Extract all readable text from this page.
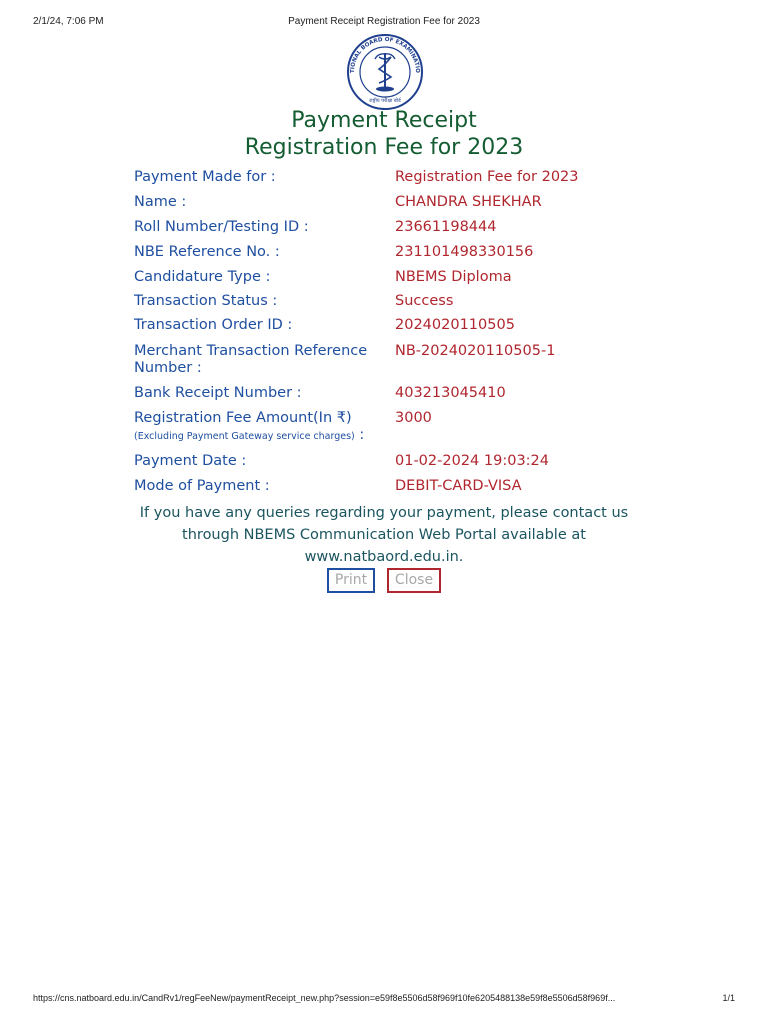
2/1/24, 7:06 PM	Payment Receipt Registration Fee for 2023
TIONAL BOARD OF EXAMINATIO
राष्ट्रीय परीक्षा बोर्ड
Payment Receipt
Registration Fee for 2023
Payment Made for :	Registration Fee for 2023
Name :	CHANDRA SHEKHAR
Roll Number/Testing ID :	23661198444
NBE Reference No. :	231101498330156
Candidature Type :	NBEMS Diploma
Transaction Status :	Success
Transaction Order ID :	2024020110505
Merchant Transaction Reference Number :
NB-2024020110505-1
Bank Receipt Number :	403213045410
Registration Fee Amount(In ₹)
(Excluding Payment Gateway service charges) :
3000
Payment Date :	01-02-2024 19:03:24
Mode of Payment :	DEBIT-CARD-VISA
If you have any queries regarding your payment, please contact us
through NBEMS Communication Web Portal available at
www.natbaord.edu.in.
Print	Close
https://cns.natboard.edu.in/CandRv1/regFeeNew/paymentReceipt_new.php?session=e59f8e5506d58f969f10fe6205488138e59f8e5506d58f969f...	1/1
